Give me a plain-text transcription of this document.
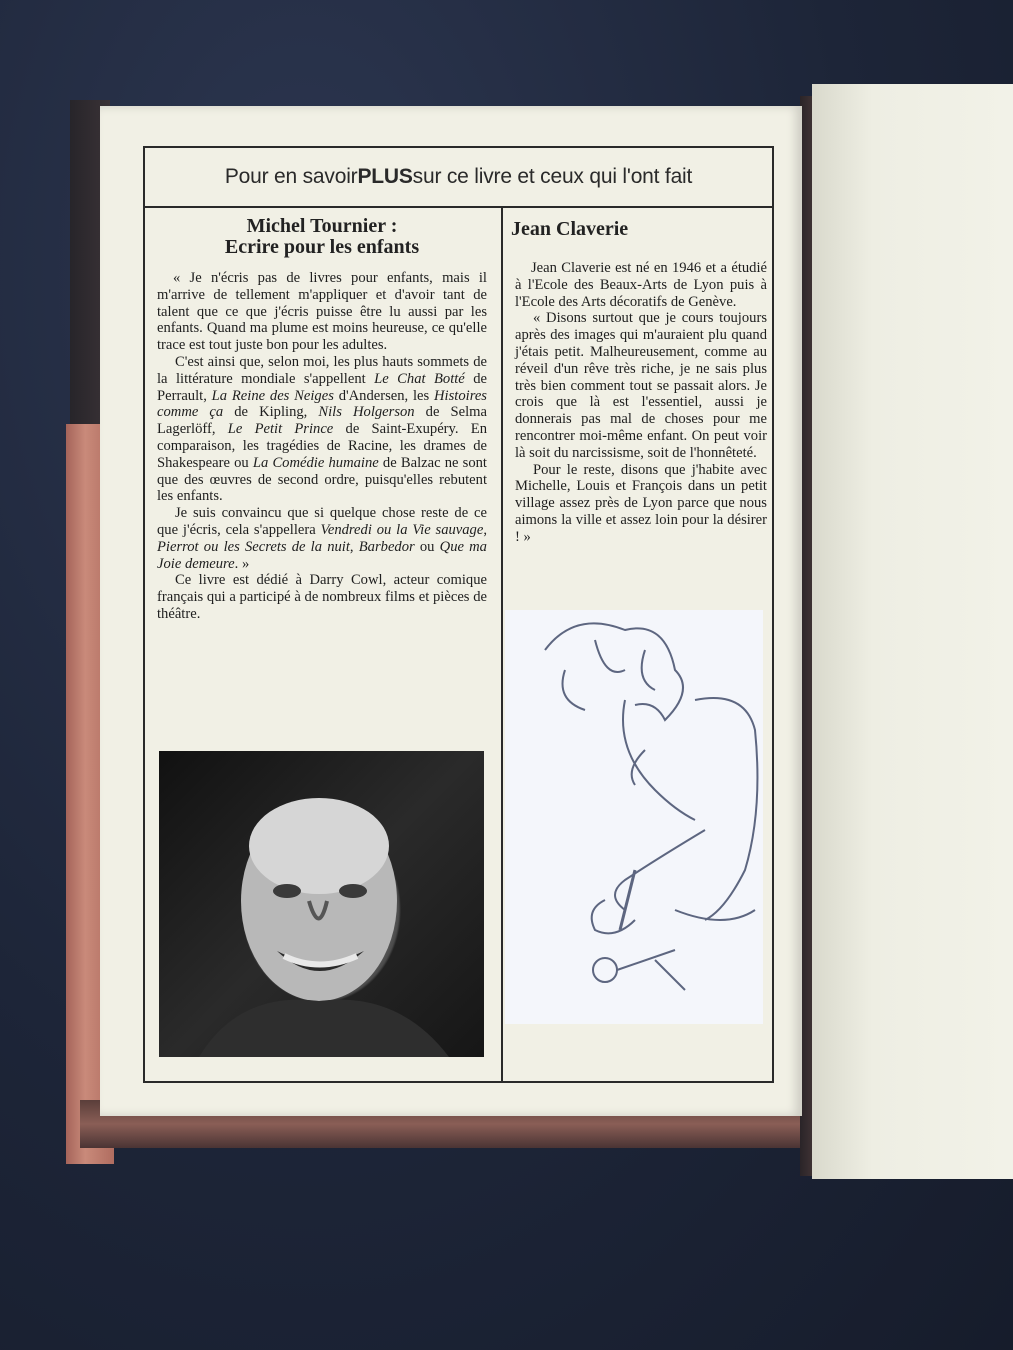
Pour en savoir PLUS sur ce livre et ceux qui l'ont fait
Michel Tournier :
Ecrire pour les enfants

« Je n'écris pas de livres pour enfants, mais il m'arrive de tellement m'appliquer et d'avoir tant de talent que ce que j'écris puisse être lu aussi par les enfants. Quand ma plume est moins heureuse, ce qu'elle trace est tout juste bon pour les adultes.

C'est ainsi que, selon moi, les plus hauts sommets de la littérature mondiale s'appellent Le Chat Botté de Perrault, La Reine des Neiges d'Andersen, les Histoires comme ça de Kipling, Nils Holgerson de Selma Lagerlöff, Le Petit Prince de Saint-Exupéry. En comparaison, les tragédies de Racine, les drames de Shakespeare ou La Comédie humaine de Balzac ne sont que des œuvres de second ordre, puisqu'elles rebutent les enfants.

Je suis convaincu que si quelque chose reste de ce que j'écris, cela s'appellera Vendredi ou la Vie sauvage, Pierrot ou les Secrets de la nuit, Barbedor ou Que ma Joie demeure. »

Ce livre est dédié à Darry Cowl, acteur comique français qui a participé à de nombreux films et pièces de théâtre.

Jean Claverie

Jean Claverie est né en 1946 et a étudié à l'Ecole des Beaux-Arts de Lyon puis à l'Ecole des Arts décoratifs de Genève.

« Disons surtout que je cours toujours après des images qui m'auraient plu quand j'étais petit. Malheureusement, comme au réveil d'un rêve très riche, je ne sais plus très bien comment tout se passait alors. Je crois que là est l'essentiel, aussi je donnerais pas mal de choses pour me rencontrer moi-même enfant. On peut voir là soit du narcissisme, soit de l'honnêteté.

Pour le reste, disons que j'habite avec Michelle, Louis et François dans un petit village assez près de Lyon parce que nous aimons la ville et assez loin pour la désirer ! »
